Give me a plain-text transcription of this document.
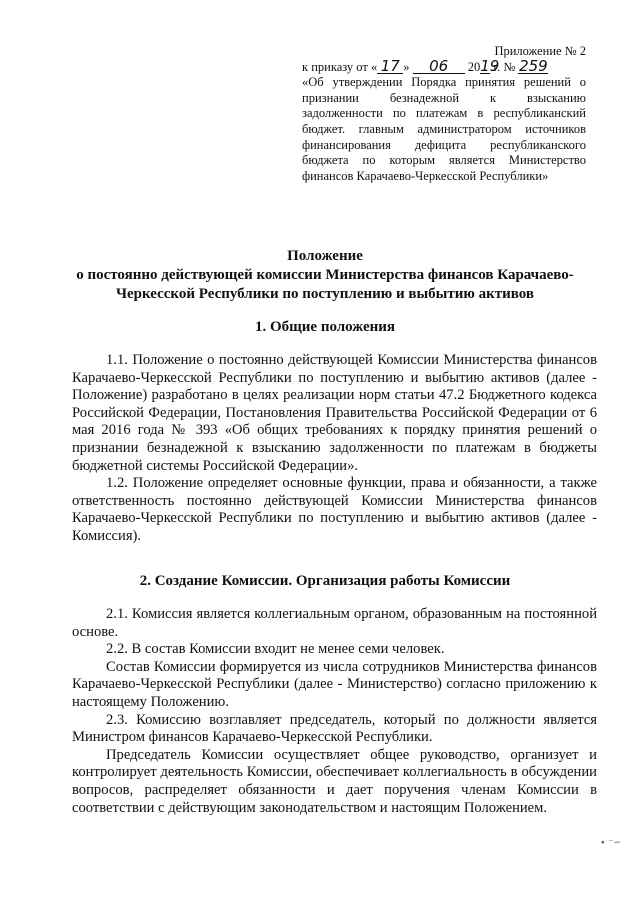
Приложение № 2
к приказу от « 17 » 06 2019 г. № 259
«Об утверждении Порядка принятия решений о признании безнадежной к взысканию задолженности по платежам в республиканский бюджет. главным администратором источников финансирования дефицита республиканского бюджета по которым является Министерство финансов Карачаево-Черкесской Республики»
Положение
о постоянно действующей комиссии Министерства финансов Карачаево-Черкесской Республики по поступлению и выбытию активов
1. Общие положения

1.1. Положение о постоянно действующей Комиссии Министерства финансов Карачаево-Черкесской Республики по поступлению и выбытию активов (далее - Положение) разработано в целях реализации норм статьи 47.2 Бюджетного кодекса Российской Федерации, Постановления Правительства Российской Федерации от 6 мая 2016 года № 393 «Об общих требованиях к порядку принятия решений о признании безнадежной к взысканию задолженности по платежам в бюджеты бюджетной системы Российской Федерации».

1.2. Положение определяет основные функции, права и обязанности, а также ответственность постоянно действующей Комиссии Министерства финансов Карачаево-Черкесской Республики по поступлению и выбытию активов (далее - Комиссия).

2. Создание Комиссии. Организация работы Комиссии

2.1. Комиссия является коллегиальным органом, образованным на постоянной основе.

2.2. В состав Комиссии входит не менее семи человек.

Состав Комиссии формируется из числа сотрудников Министерства финансов Карачаево-Черкесской Республики (далее - Министерство) согласно приложению к настоящему Положению.

2.3. Комиссию возглавляет председатель, который по должности является Министром финансов Карачаево-Черкесской Республики.

Председатель Комиссии осуществляет общее руководство, организует и контролирует деятельность Комиссии, обеспечивает коллегиальность в обсуждении вопросов, распределяет обязанности и дает поручения членам Комиссии в соответствии с действующим законодательством и настоящим Положением.

∙ ⁻∽
